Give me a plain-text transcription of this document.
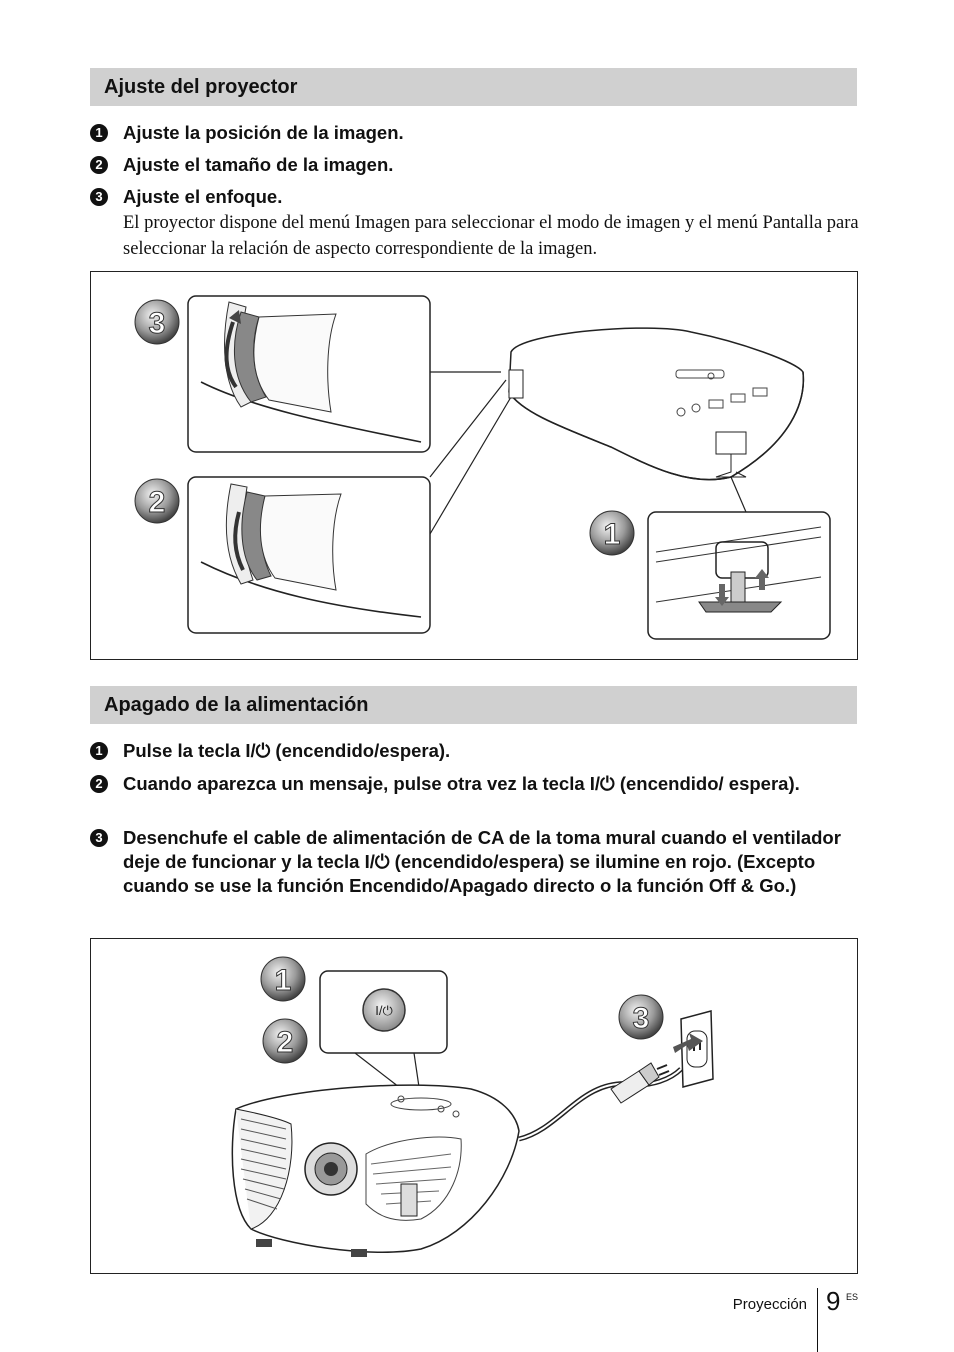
Ajuste del proyector
1 Ajuste la posición de la imagen.
2 Ajuste el tamaño de la imagen.
3 Ajuste el enfoque.
El proyector dispone del menú Imagen para seleccionar el modo de imagen y el menú Pantalla para seleccionar la relación de aspecto correspondiente de la imagen.
3
2
1
Apagado de la alimentación
1 Pulse la tecla I/⏻ (encendido/espera).
2 Cuando aparezca un mensaje, pulse otra vez la tecla I/⏻ (encendido/ espera).
3 Desenchufe el cable de alimentación de CA de la toma mural cuando el ventilador deje de funcionar y la tecla I/⏻ (encendido/espera) se ilumine en rojo. (Excepto cuando se use la función Encendido/Apagado directo o la función Off & Go.)
I/⏻
1
2
3
Proyección 9 ES
